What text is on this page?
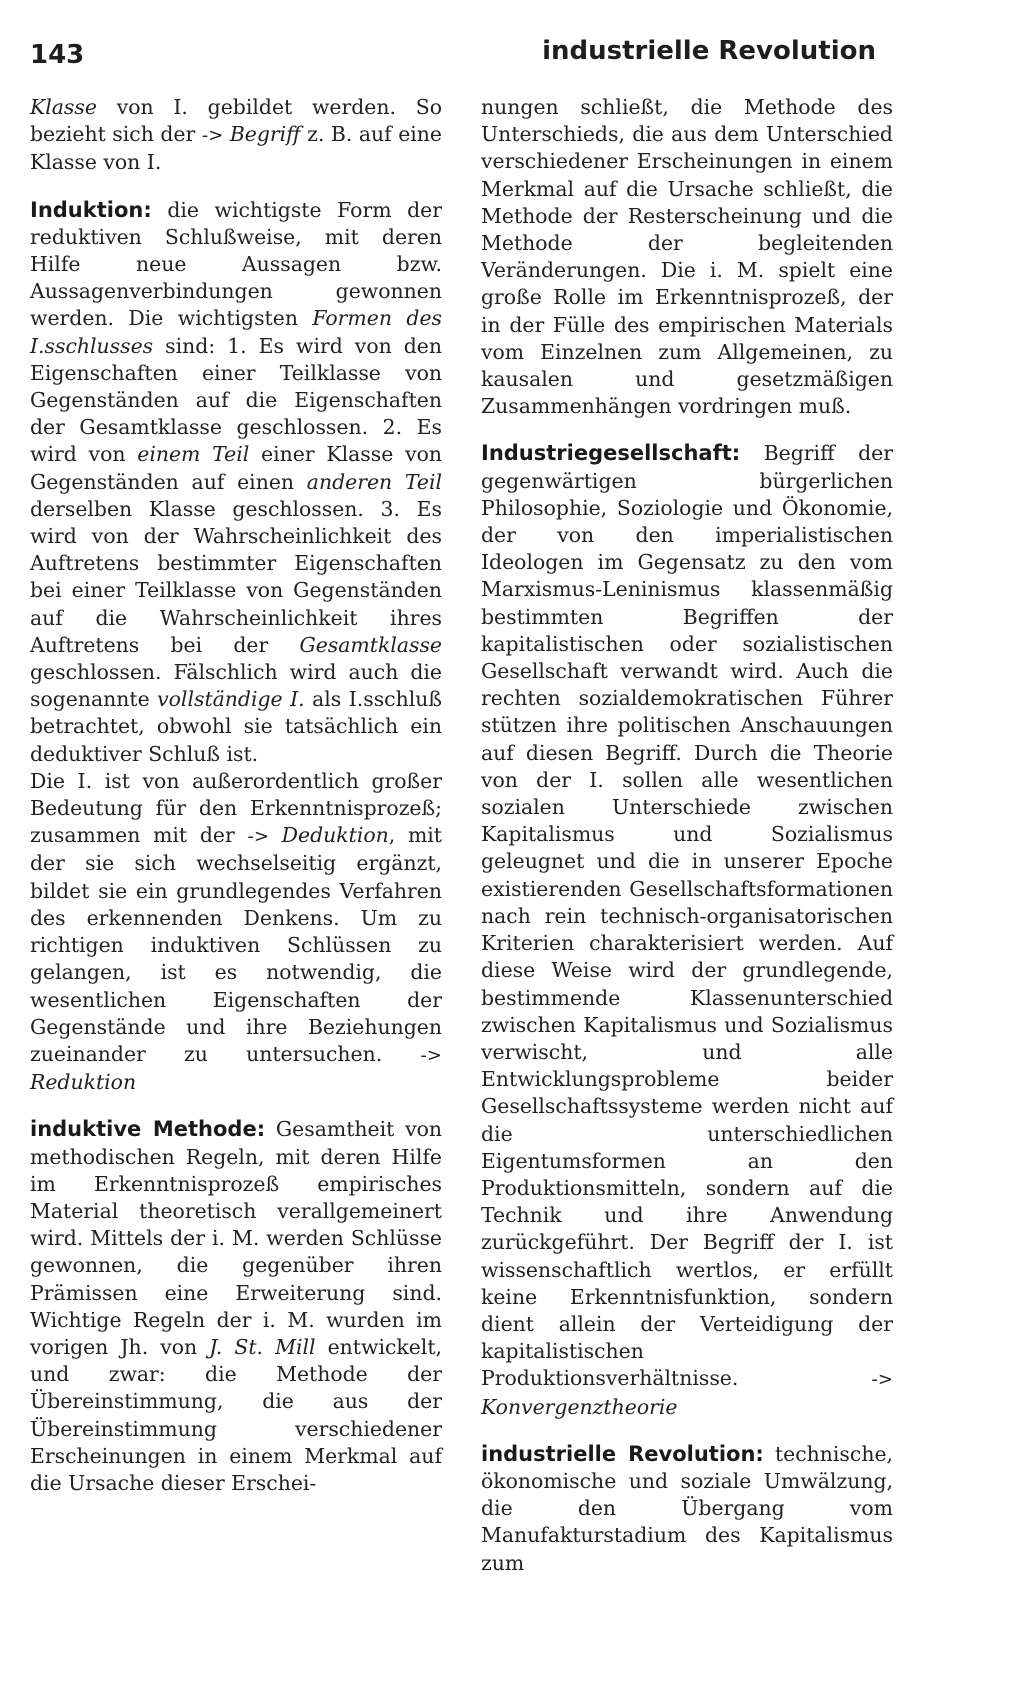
143	industrielle Revolution

Klasse von I. gebildet werden. So bezieht sich der -> Begriff z. B. auf eine Klasse von I.

Induktion: die wichtigste Form der reduktiven Schlußweise, mit deren Hilfe neue Aussagen bzw. Aussagenverbindungen gewonnen werden. Die wichtigsten Formen des I.sschlusses sind: 1. Es wird von den Eigenschaften einer Teilklasse von Gegenständen auf die Eigenschaften der Gesamtklasse geschlossen. 2. Es wird von einem Teil einer Klasse von Gegenständen auf einen anderen Teil derselben Klasse geschlossen. 3. Es wird von der Wahrscheinlichkeit des Auftretens bestimmter Eigenschaften bei einer Teilklasse von Gegenständen auf die Wahrscheinlichkeit ihres Auftretens bei der Gesamtklasse geschlossen. Fälschlich wird auch die sogenannte vollständige I. als I.sschluß betrachtet, obwohl sie tatsächlich ein deduktiver Schluß ist.

Die I. ist von außerordentlich großer Bedeutung für den Erkenntnisprozeß; zusammen mit der -> Deduktion, mit der sie sich wechselseitig ergänzt, bildet sie ein grundlegendes Verfahren des erkennenden Denkens. Um zu richtigen induktiven Schlüssen zu gelangen, ist es notwendig, die wesentlichen Eigenschaften der Gegenstände und ihre Beziehungen zueinander zu untersuchen. -> Reduktion

induktive Methode: Gesamtheit von methodischen Regeln, mit deren Hilfe im Erkenntnisprozeß empirisches Material theoretisch verallgemeinert wird. Mittels der i. M. werden Schlüsse gewonnen, die gegenüber ihren Prämissen eine Erweiterung sind. Wichtige Regeln der i. M. wurden im vorigen Jh. von J. St. Mill entwickelt, und zwar: die Methode der Übereinstimmung, die aus der Übereinstimmung verschiedener Erscheinungen in einem Merkmal auf die Ursache dieser Erschei-

nungen schließt, die Methode des Unterschieds, die aus dem Unterschied verschiedener Erscheinungen in einem Merkmal auf die Ursache schließt, die Methode der Resterscheinung und die Methode der begleitenden Veränderungen. Die i. M. spielt eine große Rolle im Erkenntnisprozeß, der in der Fülle des empirischen Materials vom Einzelnen zum Allgemeinen, zu kausalen und gesetzmäßigen Zusammenhängen vordringen muß.

Industriegesellschaft: Begriff der gegenwärtigen bürgerlichen Philosophie, Soziologie und Ökonomie, der von den imperialistischen Ideologen im Gegensatz zu den vom Marxismus-Leninismus klassenmäßig bestimmten Begriffen der kapitalistischen oder sozialistischen Gesellschaft verwandt wird. Auch die rechten sozialdemokratischen Führer stützen ihre politischen Anschauungen auf diesen Begriff. Durch die Theorie von der I. sollen alle wesentlichen sozialen Unterschiede zwischen Kapitalismus und Sozialismus geleugnet und die in unserer Epoche existierenden Gesellschaftsformationen nach rein technisch-organisatorischen Kriterien charakterisiert werden. Auf diese Weise wird der grundlegende, bestimmende Klassenunterschied zwischen Kapitalismus und Sozialismus verwischt, und alle Entwicklungsprobleme beider Gesellschaftssysteme werden nicht auf die unterschiedlichen Eigentumsformen an den Produktionsmitteln, sondern auf die Technik und ihre Anwendung zurückgeführt. Der Begriff der I. ist wissenschaftlich wertlos, er erfüllt keine Erkenntnisfunktion, sondern dient allein der Verteidigung der kapitalistischen Produktionsverhältnisse. -> Konvergenztheorie

industrielle Revolution: technische, ökonomische und soziale Umwälzung, die den Übergang vom Manufakturstadium des Kapitalismus zum
